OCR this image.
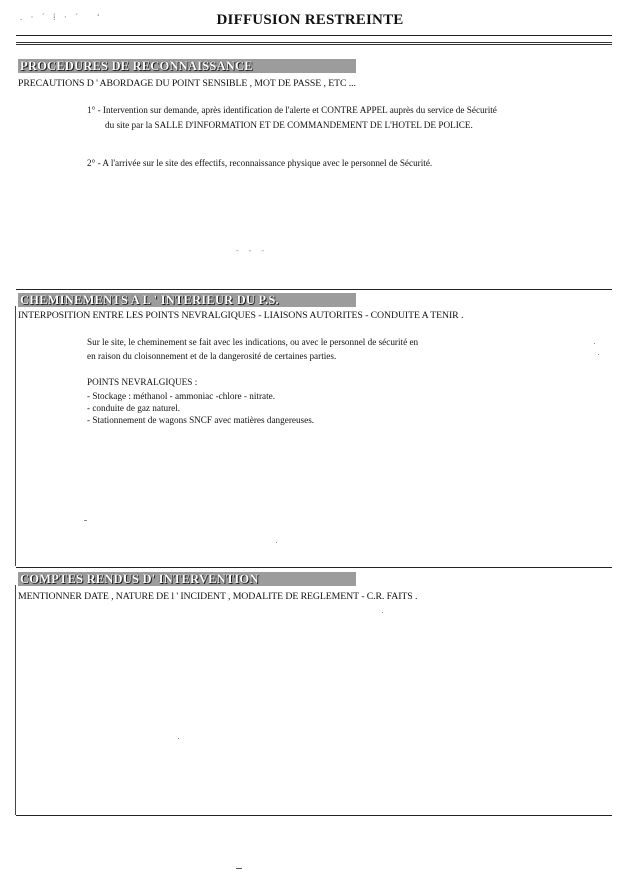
. · ´ ⁞ · ´   ‘	DIFFUSION RESTREINTE
PROCEDURES DE RECONNAISSANCE
PRECAUTIONS D ' ABORDAGE DU POINT SENSIBLE , MOT DE PASSE , ETC ...
1° - Intervention sur demande, après identification de l'alerte et CONTRE APPEL auprès du service de Sécurité
du site par la SALLE D'INFORMATION ET DE COMMANDEMENT DE L'HOTEL DE POLICE.
2° - A l'arrivée sur le site des effectifs, reconnaissance physique avec le personnel de Sécurité.
- - -
CHEMINEMENTS A L ' INTERIEUR DU P.S.
INTERPOSITION ENTRE LES POINTS NEVRALGIQUES - LIAISONS AUTORITES - CONDUITE A TENIR .
Sur le site, le cheminement se fait avec les indications, ou avec le personnel de sécurité en
en raison du cloisonnement et de la dangerosité de certaines parties.
POINTS NEVRALGIQUES :
- Stockage : méthanol - ammoniac -chlore - nitrate.
- conduite de gaz naturel.
- Stationnement de wagons SNCF avec matières dangereuses.
COMPTES RENDUS D' INTERVENTION
MENTIONNER DATE , NATURE DE l ' INCIDENT , MODALITE DE REGLEMENT - C.R. FAITS .
